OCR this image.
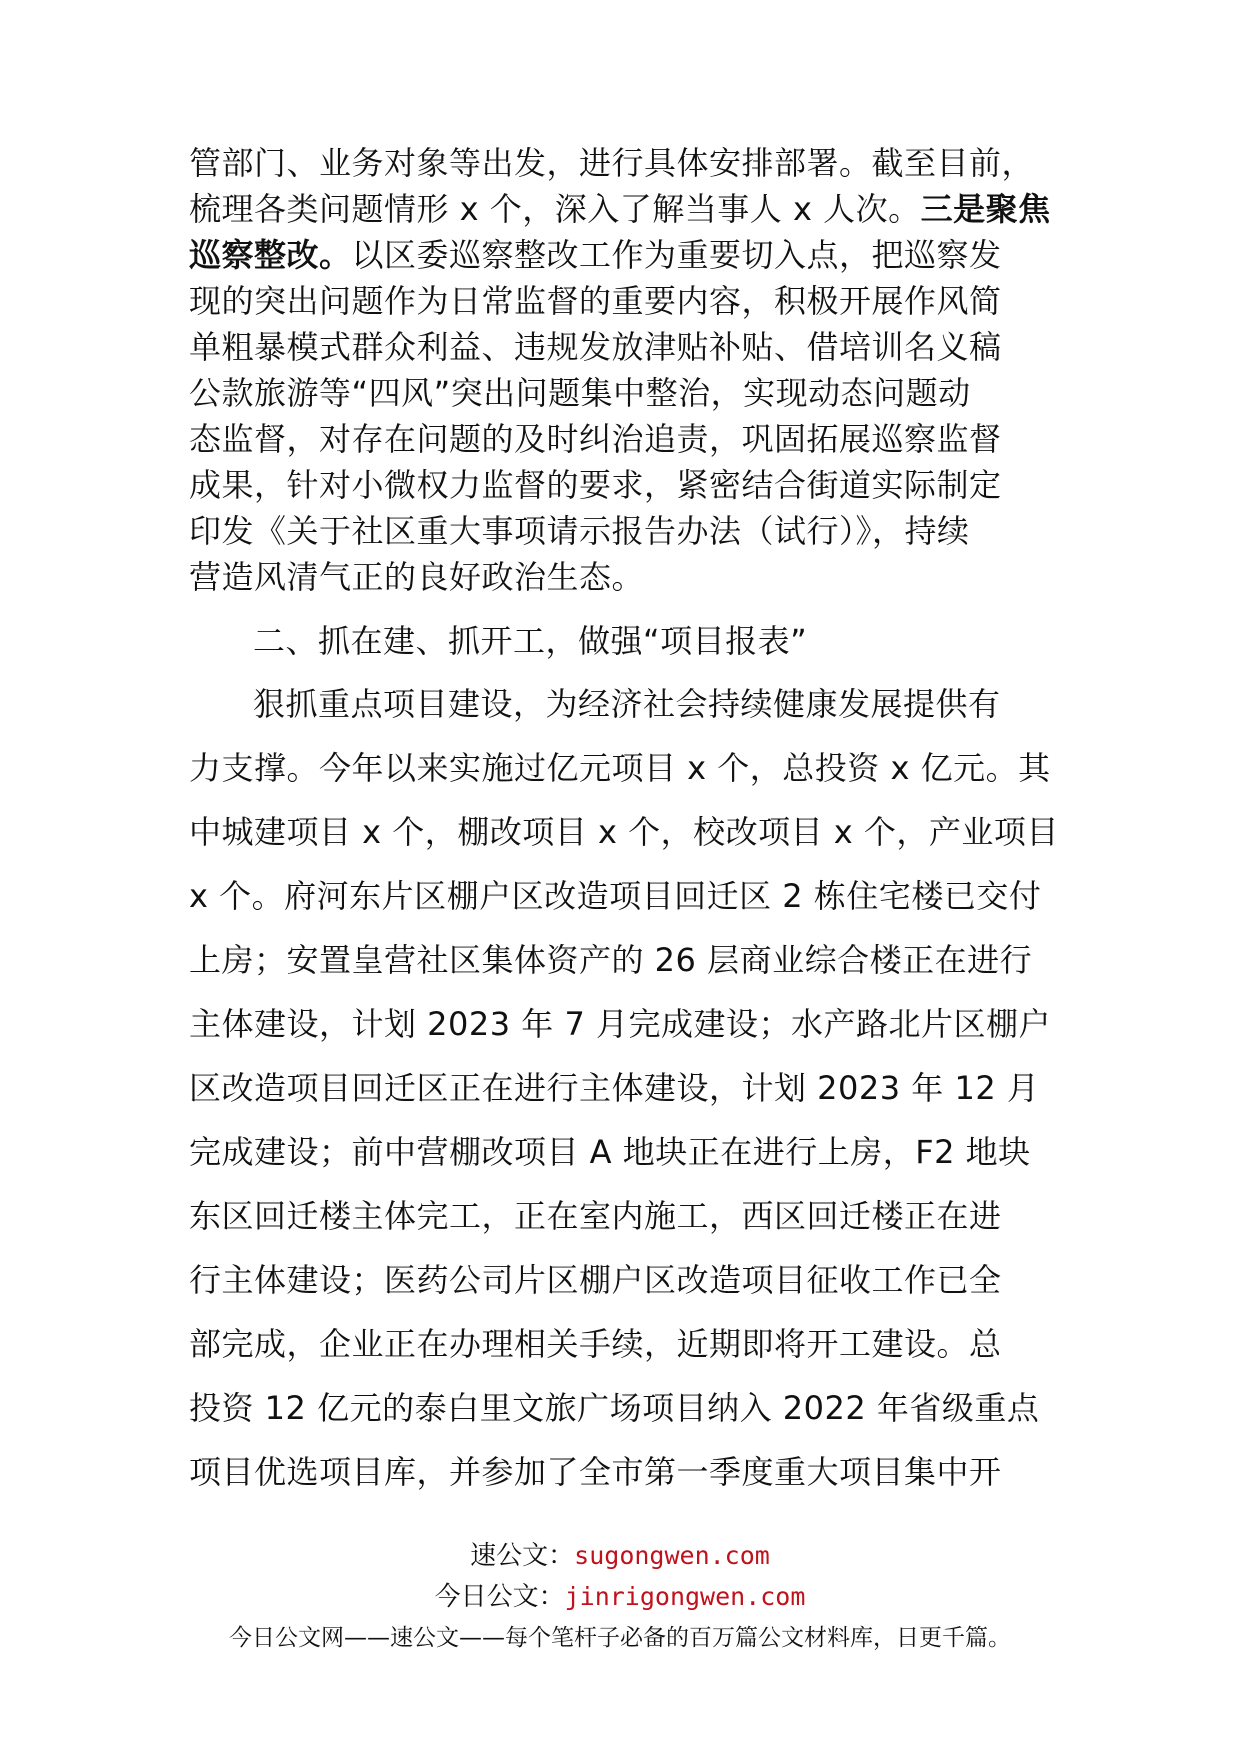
管部门、业务对象等出发，进行具体安排部署。截至目前，
梳理各类问题情形 x 个，深入了解当事人 x 人次。三是聚焦
巡察整改。以区委巡察整改工作为重要切入点，把巡察发
现的突出问题作为日常监督的重要内容，积极开展作风简
单粗暴模式群众利益、违规发放津贴补贴、借培训名义稿
公款旅游等“四风”突出问题集中整治，实现动态问题动
态监督，对存在问题的及时纠治追责，巩固拓展巡察监督
成果，针对小微权力监督的要求，紧密结合街道实际制定
印发《关于社区重大事项请示报告办法（试行）》，持续
营造风清气正的良好政治生态。
二、抓在建、抓开工，做强“项目报表”
狠抓重点项目建设，为经济社会持续健康发展提供有
力支撑。今年以来实施过亿元项目 x 个，总投资 x 亿元。其
中城建项目 x 个，棚改项目 x 个，校改项目 x 个，产业项目
x 个。府河东片区棚户区改造项目回迁区 2 栋住宅楼已交付
上房；安置皇营社区集体资产的 26 层商业综合楼正在进行
主体建设，计划 2023 年 7 月完成建设；水产路北片区棚户
区改造项目回迁区正在进行主体建设，计划 2023 年 12 月
完成建设；前中营棚改项目 A 地块正在进行上房，F2 地块
东区回迁楼主体完工，正在室内施工，西区回迁楼正在进
行主体建设；医药公司片区棚户区改造项目征收工作已全
部完成，企业正在办理相关手续，近期即将开工建设。总
投资 12 亿元的泰白里文旅广场项目纳入 2022 年省级重点
项目优选项目库，并参加了全市第一季度重大项目集中开
速公文：sugongwen.com
今日公文：jinrigongwen.com
今日公文网——速公文——每个笔杆子必备的百万篇公文材料库，日更千篇。
